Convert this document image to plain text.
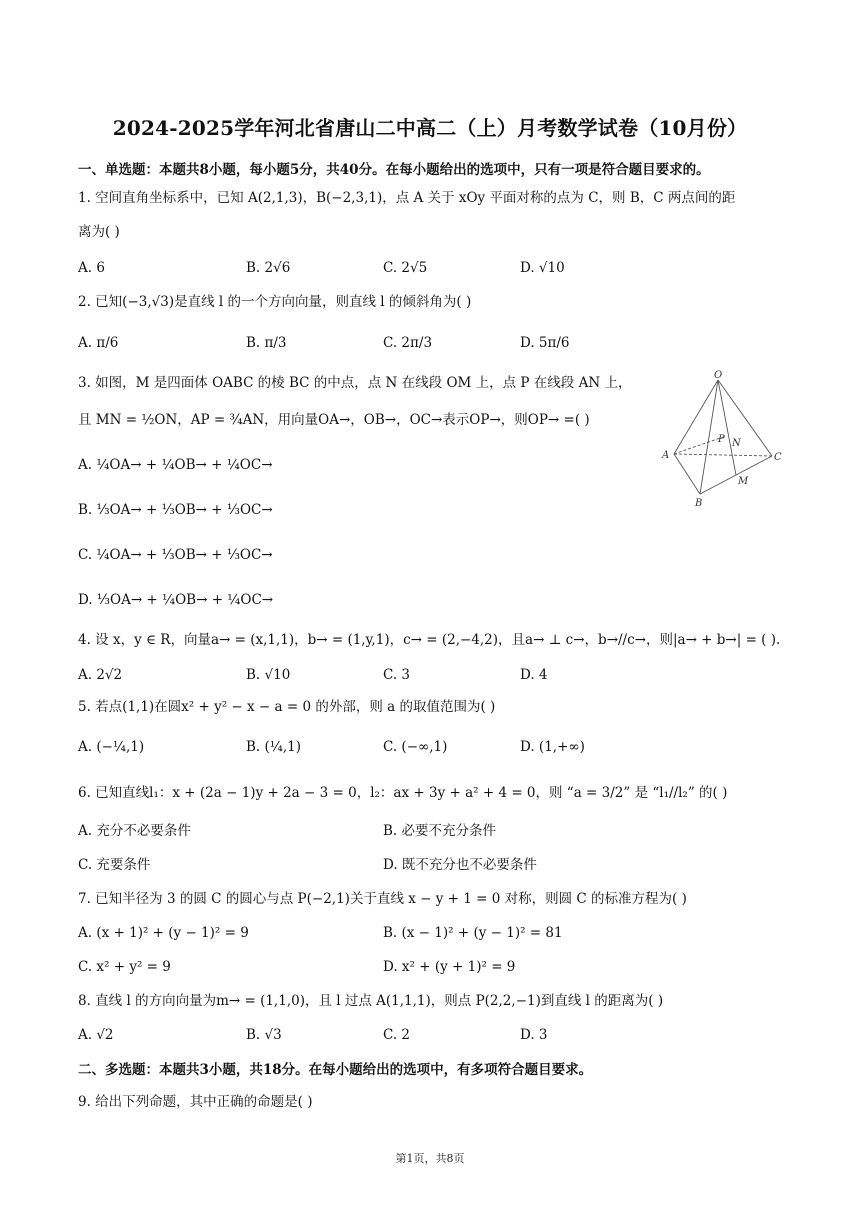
2024-2025学年河北省唐山二中高二（上）月考数学试卷（10月份）
一、单选题：本题共8小题，每小题5分，共40分。在每小题给出的选项中，只有一项是符合题目要求的。
1. 空间直角坐标系中，已知 A(2,1,3)，B(−2,3,1)，点 A 关于 xOy 平面对称的点为 C，则 B，C 两点间的距
离为( )
A. 6	B. 2√6	C. 2√5	D. √10
2. 已知(−3,√3)是直线 l 的一个方向向量，则直线 l 的倾斜角为( )
A. π/6	B. π/3	C. 2π/3	D. 5π/6
3. 如图，M 是四面体 OABC 的棱 BC 的中点，点 N 在线段 OM 上，点 P 在线段 AN 上，
且 MN = ½ON，AP = ¾AN，用向量OA→，OB→，OC→表示OP→，则OP→ =( )
A. ¼OA→ + ¼OB→ + ¼OC→
B. ⅓OA→ + ⅓OB→ + ⅓OC→
C. ¼OA→ + ⅓OB→ + ⅓OC→
D. ⅓OA→ + ¼OB→ + ¼OC→
O
A
B
C
M
N
P
4. 设 x，y ∈ R，向量a→ = (x,1,1)，b→ = (1,y,1)，c→ = (2,−4,2)，且a→ ⊥ c→，b→//c→，则|a→ + b→| = ( ).
A. 2√2	B. √10	C. 3	D. 4
5. 若点(1,1)在圆x² + y² − x − a = 0 的外部，则 a 的取值范围为( )
A. (−¼,1)	B. (¼,1)	C. (−∞,1)	D. (1,+∞)
6. 已知直线l₁：x + (2a − 1)y + 2a − 3 = 0，l₂：ax + 3y + a² + 4 = 0，则 “a = 3/2” 是 “l₁//l₂” 的( )
A. 充分不必要条件	B. 必要不充分条件
C. 充要条件	D. 既不充分也不必要条件
7. 已知半径为 3 的圆 C 的圆心与点 P(−2,1)关于直线 x − y + 1 = 0 对称，则圆 C 的标准方程为( )
A. (x + 1)² + (y − 1)² = 9	B. (x − 1)² + (y − 1)² = 81
C. x² + y² = 9	D. x² + (y + 1)² = 9
8. 直线 l 的方向向量为m→ = (1,1,0)，且 l 过点 A(1,1,1)，则点 P(2,2,−1)到直线 l 的距离为( )
A. √2	B. √3	C. 2	D. 3
二、多选题：本题共3小题，共18分。在每小题给出的选项中，有多项符合题目要求。
9. 给出下列命题，其中正确的命题是( )
第1页，共8页
